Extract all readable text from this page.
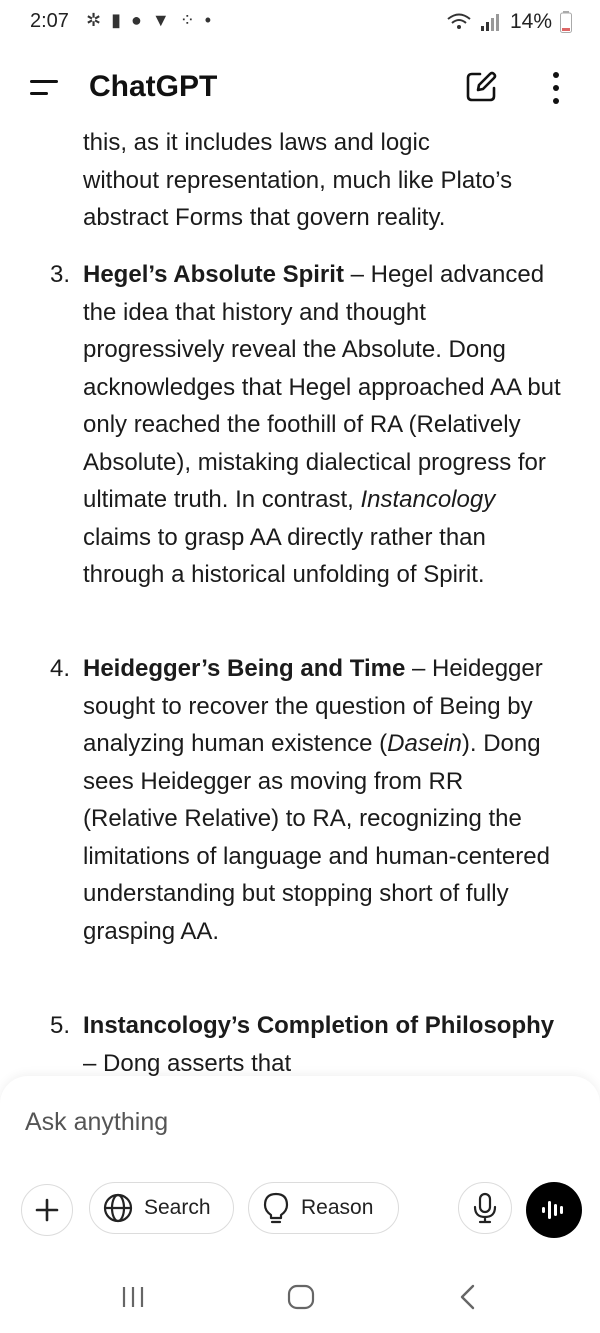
2:07 ✲ ▮ ● ▼ ⁘ •	14%
ChatGPT
this, as it includes laws and logic
without representation, much like Plato’s
abstract Forms that govern reality.
3. Hegel’s Absolute Spirit – Hegel advanced the idea that history and thought progressively reveal the Absolute. Dong acknowledges that Hegel approached AA but only reached the foothill of RA (Relatively Absolute), mistaking dialectical progress for ultimate truth. In contrast, Instancology claims to grasp AA directly rather than through a historical unfolding of Spirit.
4. Heidegger’s Being and Time – Heidegger sought to recover the question of Being by analyzing human existence (Dasein). Dong sees Heidegger as moving from RR (Relative Relative) to RA, recognizing the limitations of language and human-centered understanding but stopping short of fully grasping AA.
5. Instancology’s Completion of Philosophy – Dong asserts that
Ask anything
Search	Reason
